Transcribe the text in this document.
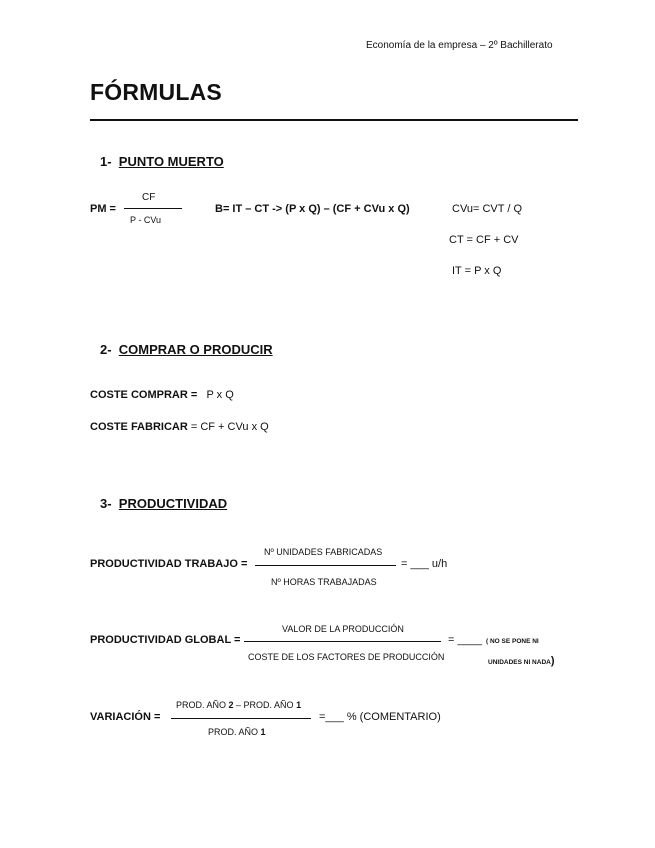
Economía de la empresa – 2º Bachillerato
FÓRMULAS
1- PUNTO MUERTO
PM =
CF
P - CVu
B= IT – CT -> (P x Q) – (CF + CVu x Q)	CVu= CVT / Q
CT = CF + CV
IT = P x Q
2- COMPRAR O PRODUCIR
COSTE COMPRAR = P x Q
COSTE FABRICAR = CF + CVu x Q
3- PRODUCTIVIDAD
PRODUCTIVIDAD TRABAJO =
Nº UNIDADES FABRICADAS
Nº HORAS TRABAJADAS
= ___ u/h
PRODUCTIVIDAD GLOBAL =
VALOR DE LA PRODUCCIÓN
COSTE DE LOS FACTORES DE PRODUCCIÓN
= ____ ( NO SE PONE NI
UNIDADES NI NADA)
VARIACIÓN =
PROD. AÑO 2 – PROD. AÑO 1
PROD. AÑO 1
=___ % (COMENTARIO)
